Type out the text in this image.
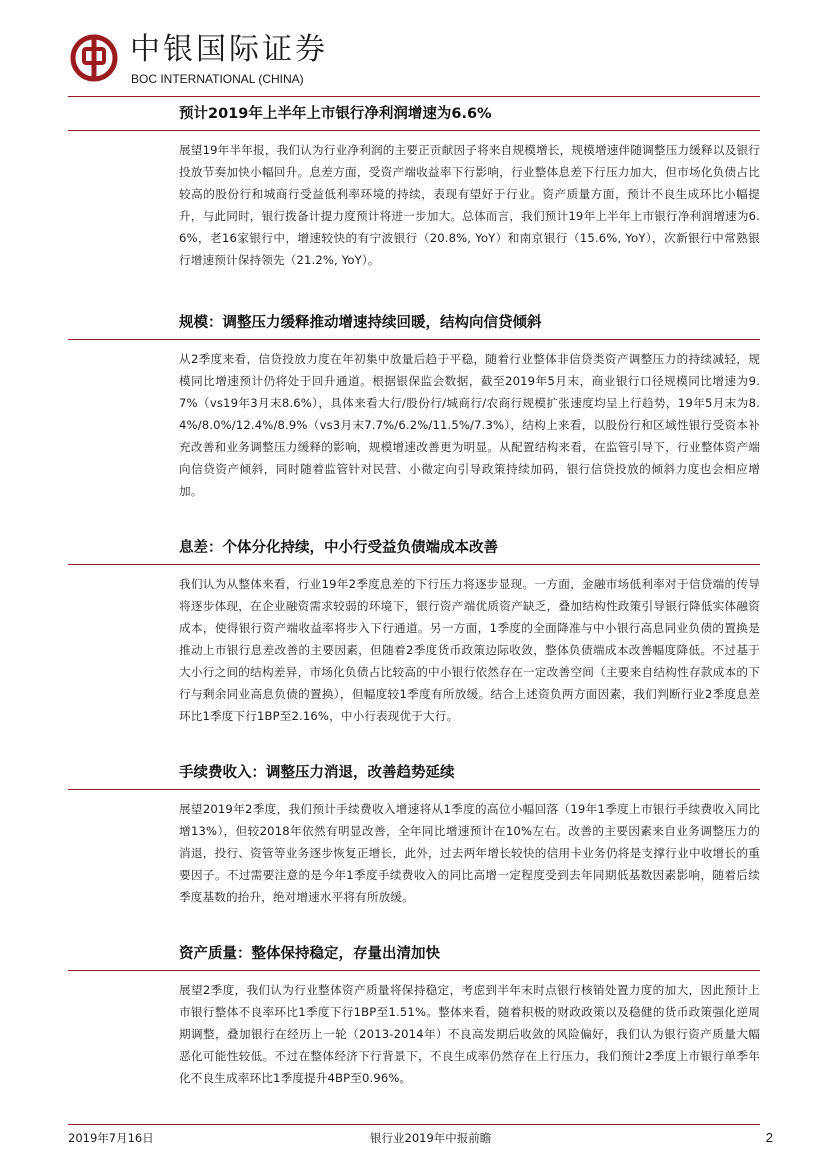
中银国际证券
BOC INTERNATIONAL (CHINA)
预计2019年上半年上市银行净利润增速为6.6%

展望19年半年报，我们认为行业净利润的主要正贡献因子将来自规模增长，规模增速伴随调整压力缓释以及银行投放节奏加快小幅回升。息差方面，受资产端收益率下行影响，行业整体息差下行压力加大，但市场化负债占比较高的股份行和城商行受益低利率环境的持续，表现有望好于行业。资产质量方面，预计不良生成环比小幅提升，与此同时，银行拨备计提力度预计将进一步加大。总体而言，我们预计19年上半年上市银行净利润增速为6.6%，老16家银行中，增速较快的有宁波银行（20.8%, YoY）和南京银行（15.6%, YoY），次新银行中常熟银行增速预计保持领先（21.2%, YoY）。

规模：调整压力缓释推动增速持续回暖，结构向信贷倾斜

从2季度来看，信贷投放力度在年初集中放量后趋于平稳，随着行业整体非信贷类资产调整压力的持续减轻，规模同比增速预计仍将处于回升通道。根据银保监会数据，截至2019年5月末，商业银行口径规模同比增速为9.7%（vs19年3月末8.6%），具体来看大行/股份行/城商行/农商行规模扩张速度均呈上行趋势，19年5月末为8.4%/8.0%/12.4%/8.9%（vs3月末7.7%/6.2%/11.5%/7.3%），结构上来看，以股份行和区域性银行受资本补充改善和业务调整压力缓释的影响，规模增速改善更为明显。从配置结构来看，在监管引导下，行业整体资产端向信贷资产倾斜，同时随着监管针对民营、小微定向引导政策持续加码，银行信贷投放的倾斜力度也会相应增加。

息差：个体分化持续，中小行受益负债端成本改善

我们认为从整体来看，行业19年2季度息差的下行压力将逐步显现。一方面，金融市场低利率对于信贷端的传导将逐步体现，在企业融资需求较弱的环境下，银行资产端优质资产缺乏，叠加结构性政策引导银行降低实体融资成本，使得银行资产端收益率将步入下行通道。另一方面，1季度的全面降准与中小银行高息同业负债的置换是推动上市银行息差改善的主要因素，但随着2季度货币政策边际收敛，整体负债端成本改善幅度降低。不过基于大小行之间的结构差异，市场化负债占比较高的中小银行依然存在一定改善空间（主要来自结构性存款成本的下行与剩余同业高息负债的置换），但幅度较1季度有所放缓。结合上述资负两方面因素，我们判断行业2季度息差环比1季度下行1BP至2.16%，中小行表现优于大行。

手续费收入：调整压力消退，改善趋势延续

展望2019年2季度，我们预计手续费收入增速将从1季度的高位小幅回落（19年1季度上市银行手续费收入同比增13%），但较2018年依然有明显改善，全年同比增速预计在10%左右。改善的主要因素来自业务调整压力的消退，投行、资管等业务逐步恢复正增长，此外，过去两年增长较快的信用卡业务仍将是支撑行业中收增长的重要因子。不过需要注意的是今年1季度手续费收入的同比高增一定程度受到去年同期低基数因素影响，随着后续季度基数的抬升，绝对增速水平将有所放缓。

资产质量：整体保持稳定，存量出清加快

展望2季度，我们认为行业整体资产质量将保持稳定，考虑到半年末时点银行核销处置力度的加大，因此预计上市银行整体不良率环比1季度下行1BP至1.51%。整体来看，随着积极的财政政策以及稳健的货币政策强化逆周期调整，叠加银行在经历上一轮（2013-2014年）不良高发期后收敛的风险偏好，我们认为银行资产质量大幅恶化可能性较低。不过在整体经济下行背景下，不良生成率仍然存在上行压力，我们预计2季度上市银行单季年化不良生成率环比1季度提升4BP至0.96%。

2019年7月16日	银行业2019年中报前瞻	2
